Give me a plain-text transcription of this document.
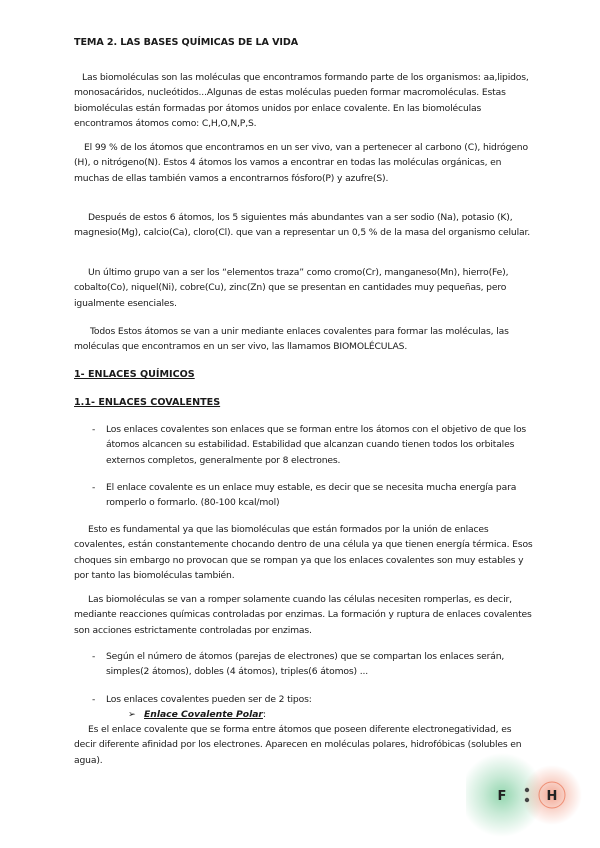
TEMA 2. LAS BASES QUÍMICAS DE LA VIDA
Las biomoléculas son las moléculas que encontramos formando parte de los organismos: aa,lipidos, monosacáridos, nucleótidos...Algunas de estas moléculas pueden formar macromoléculas. Estas biomoléculas están formadas por átomos unidos por enlace covalente. En las biomoléculas encontramos átomos como: C,H,O,N,P,S.
El 99 % de los átomos que encontramos en un ser vivo, van a pertenecer al carbono (C), hidrógeno (H), o nitrógeno(N). Estos 4 átomos los vamos a encontrar en todas las moléculas orgánicas, en muchas de ellas también vamos a encontrarnos fósforo(P) y azufre(S).
Después de estos 6 átomos, los 5 siguientes más abundantes van a ser sodio (Na), potasio (K), magnesio(Mg), calcio(Ca), cloro(Cl). que van a representar un 0,5 % de la masa del organismo celular.
Un último grupo van a ser los “elementos traza” como cromo(Cr), manganeso(Mn), hierro(Fe), cobalto(Co), niquel(Ni), cobre(Cu), zinc(Zn) que se presentan en cantidades muy pequeñas, pero igualmente esenciales.
Todos Estos átomos se van a unir mediante enlaces covalentes para formar las moléculas, las moléculas que encontramos en un ser vivo, las llamamos BIOMOLÉCULAS.
1- ENLACES QUÍMICOS
1.1- ENLACES COVALENTES
- Los enlaces covalentes son enlaces que se forman entre los átomos con el objetivo de que los átomos alcancen su estabilidad. Estabilidad que alcanzan cuando tienen todos los orbitales externos completos, generalmente por 8 electrones.
- El enlace covalente es un enlace muy estable, es decir que se necesita mucha energía para romperlo o formarlo. (80-100 kcal/mol)
Esto es fundamental ya que las biomoléculas que están formados por la unión de enlaces covalentes, están constantemente chocando dentro de una célula ya que tienen energía térmica. Esos choques sin embargo no provocan que se rompan ya que los enlaces covalentes son muy estables y por tanto las biomoléculas también.
Las biomoléculas se van a romper solamente cuando las células necesiten romperlas, es decir, mediante reacciones químicas controladas por enzimas. La formación y ruptura de enlaces covalentes son acciones estrictamente controladas por enzimas.
- Según el número de átomos (parejas de electrones) que se compartan los enlaces serán, simples(2 átomos), dobles (4 átomos), triples(6 átomos) ...
- Los enlaces covalentes pueden ser de 2 tipos:
➢ Enlace Covalente Polar:
Es el enlace covalente que se forma entre átomos que poseen diferente electronegatividad, es decir diferente afinidad por los electrones. Aparecen en moléculas polares, hidrofóbicas (solubles en agua).
F	H
